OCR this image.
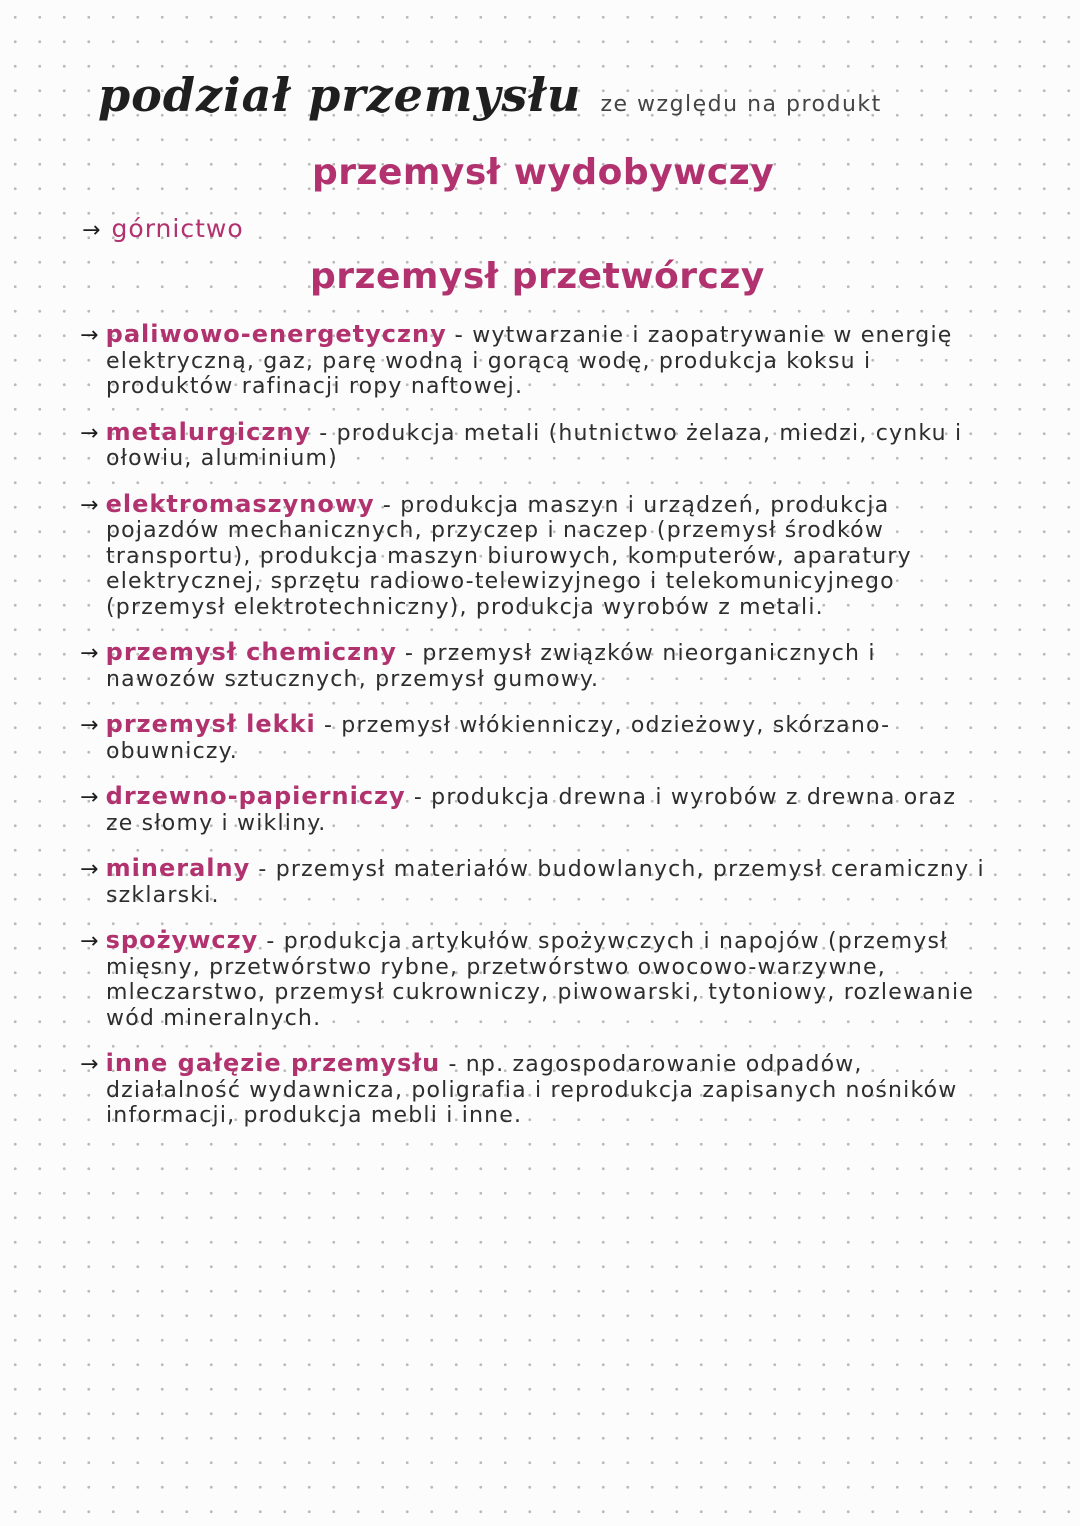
podział przemysłu ze względu na produkt
przemysł wydobywczy
→ górnictwo
przemysł przetwórczy
→ paliwowo-energetyczny - wytwarzanie i zaopatrywanie w energię elektryczną, gaz, parę wodną i gorącą wodę, produkcja koksu i produktów rafinacji ropy naftowej.
→ metalurgiczny - produkcja metali (hutnictwo żelaza, miedzi, cynku i ołowiu, aluminium)
→ elektromaszynowy - produkcja maszyn i urządzeń, produkcja pojazdów mechanicznych, przyczep i naczep (przemysł środków transportu), produkcja maszyn biurowych, komputerów, aparatury elektrycznej, sprzętu radiowo-telewizyjnego i telekomunicyjnego (przemysł elektrotechniczny), produkcja wyrobów z metali.
→ przemysł chemiczny - przemysł związków nieorganicznych i nawozów sztucznych, przemysł gumowy.
→ przemysł lekki - przemysł włókienniczy, odzieżowy, skórzano-obuwniczy.
→ drzewno-papierniczy - produkcja drewna i wyrobów z drewna oraz ze słomy i wikliny.
→ mineralny - przemysł materiałów budowlanych, przemysł ceramiczny i szklarski.
→ spożywczy - produkcja artykułów spożywczych i napojów (przemysł mięsny, przetwórstwo rybne, przetwórstwo owocowo-warzywne, mleczarstwo, przemysł cukrowniczy, piwowarski, tytoniowy, rozlewanie wód mineralnych.
→ inne gałęzie przemysłu - np. zagospodarowanie odpadów, działalność wydawnicza, poligrafia i reprodukcja zapisanych nośników informacji, produkcja mebli i inne.
